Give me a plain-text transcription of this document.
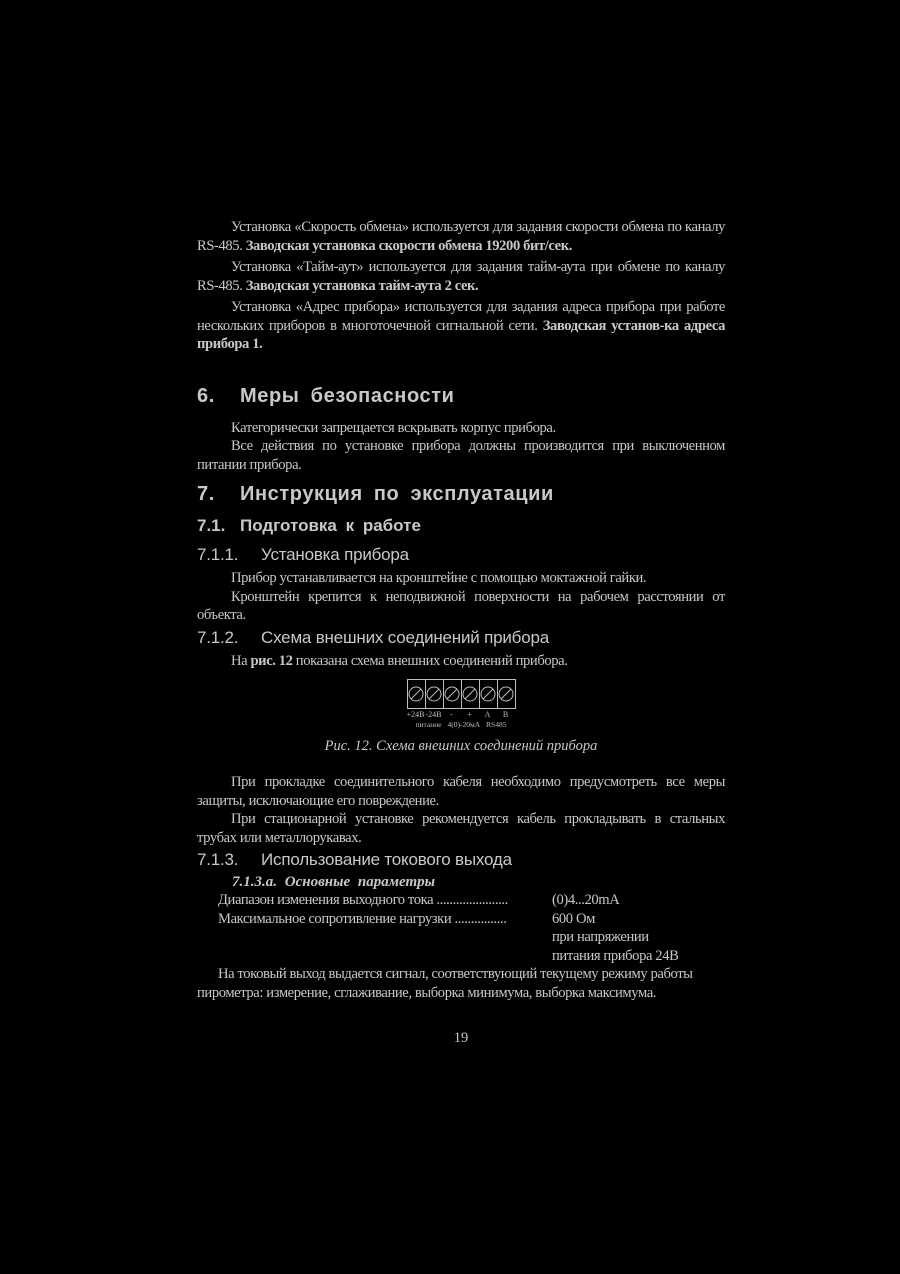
Установка «Скорость обмена» используется для задания скорости обмена по каналу RS-485. Заводская установка скорости обмена 19200 бит/сек.

Установка «Тайм-аут» используется для задания тайм-аута при обмене по каналу RS-485. Заводская установка тайм-аута 2 сек.

Установка «Адрес прибора» используется для задания адреса прибора при работе нескольких приборов в многоточечной сигнальной сети. Заводская установ-ка адреса прибора 1.

6. Меры безопасности

Категорически запрещается вскрывать корпус прибора.

Все действия по установке прибора должны производится при выключенном питании прибора.

7. Инструкция по эксплуатации
7.1. Подготовка к работе
7.1.1. Установка прибора

Прибор устанавливается на кронштейне с помощью моктажной гайки.

Кронштейн крепится к неподвижной поверхности на рабочем расстоянии от объекта.

7.1.2. Схема внешних соединений прибора

На рис. 12 показана схема внешних соединений прибора.

+24В -24В	-	+	A	B
питание 4(0)-20мА RS485
Рис. 12. Схема внешних соединений прибора

При прокладке соединительного кабеля необходимо предусмотреть все меры защиты, исключающие его повреждение.

При стационарной установке рекомендуется кабель прокладывать в стальных трубах или металлорукавах.

7.1.3. Использование токового выхода
7.1.3.а. Основные параметры
Диапазон изменения выходного тока ......................	(0)4...20mA
Максимальное сопротивление нагрузки ................	600 Ом
при напряжении
питания прибора 24В

На токовый выход выдается сигнал, соответствующий текущему режиму работы пирометра: измерение, сглаживание, выборка минимума, выборка максимума.

19
